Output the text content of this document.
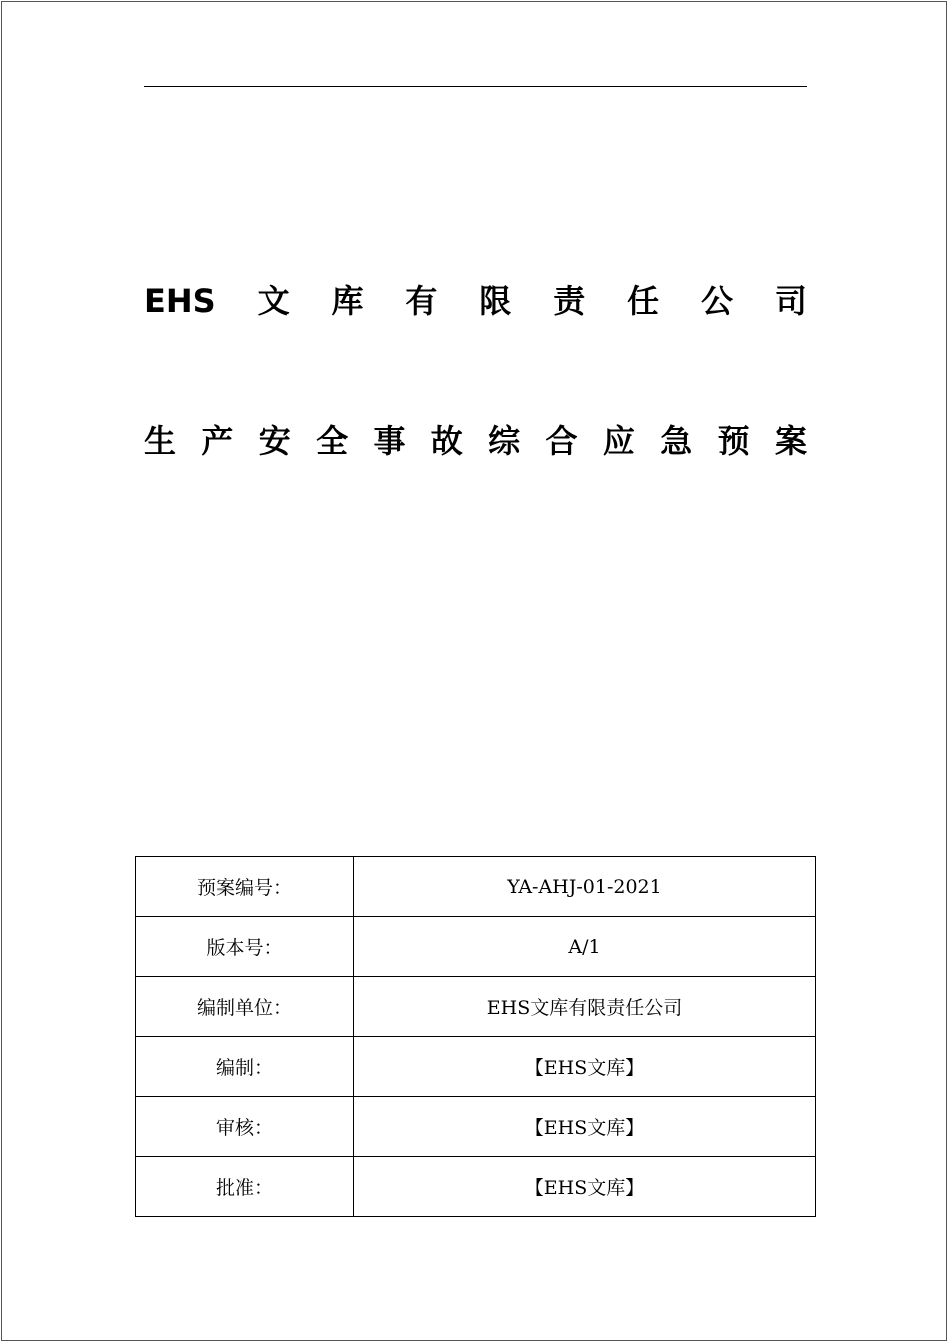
EHS 文 库 有 限 责 任 公 司
生 产 安 全 事 故 综 合 应 急 预 案
预案编号：	YA-AHJ-01-2021
版本号：	A/1
编制单位：	EHS文库有限责任公司
编制：	【EHS文库】
审核：	【EHS文库】
批准：	【EHS文库】
